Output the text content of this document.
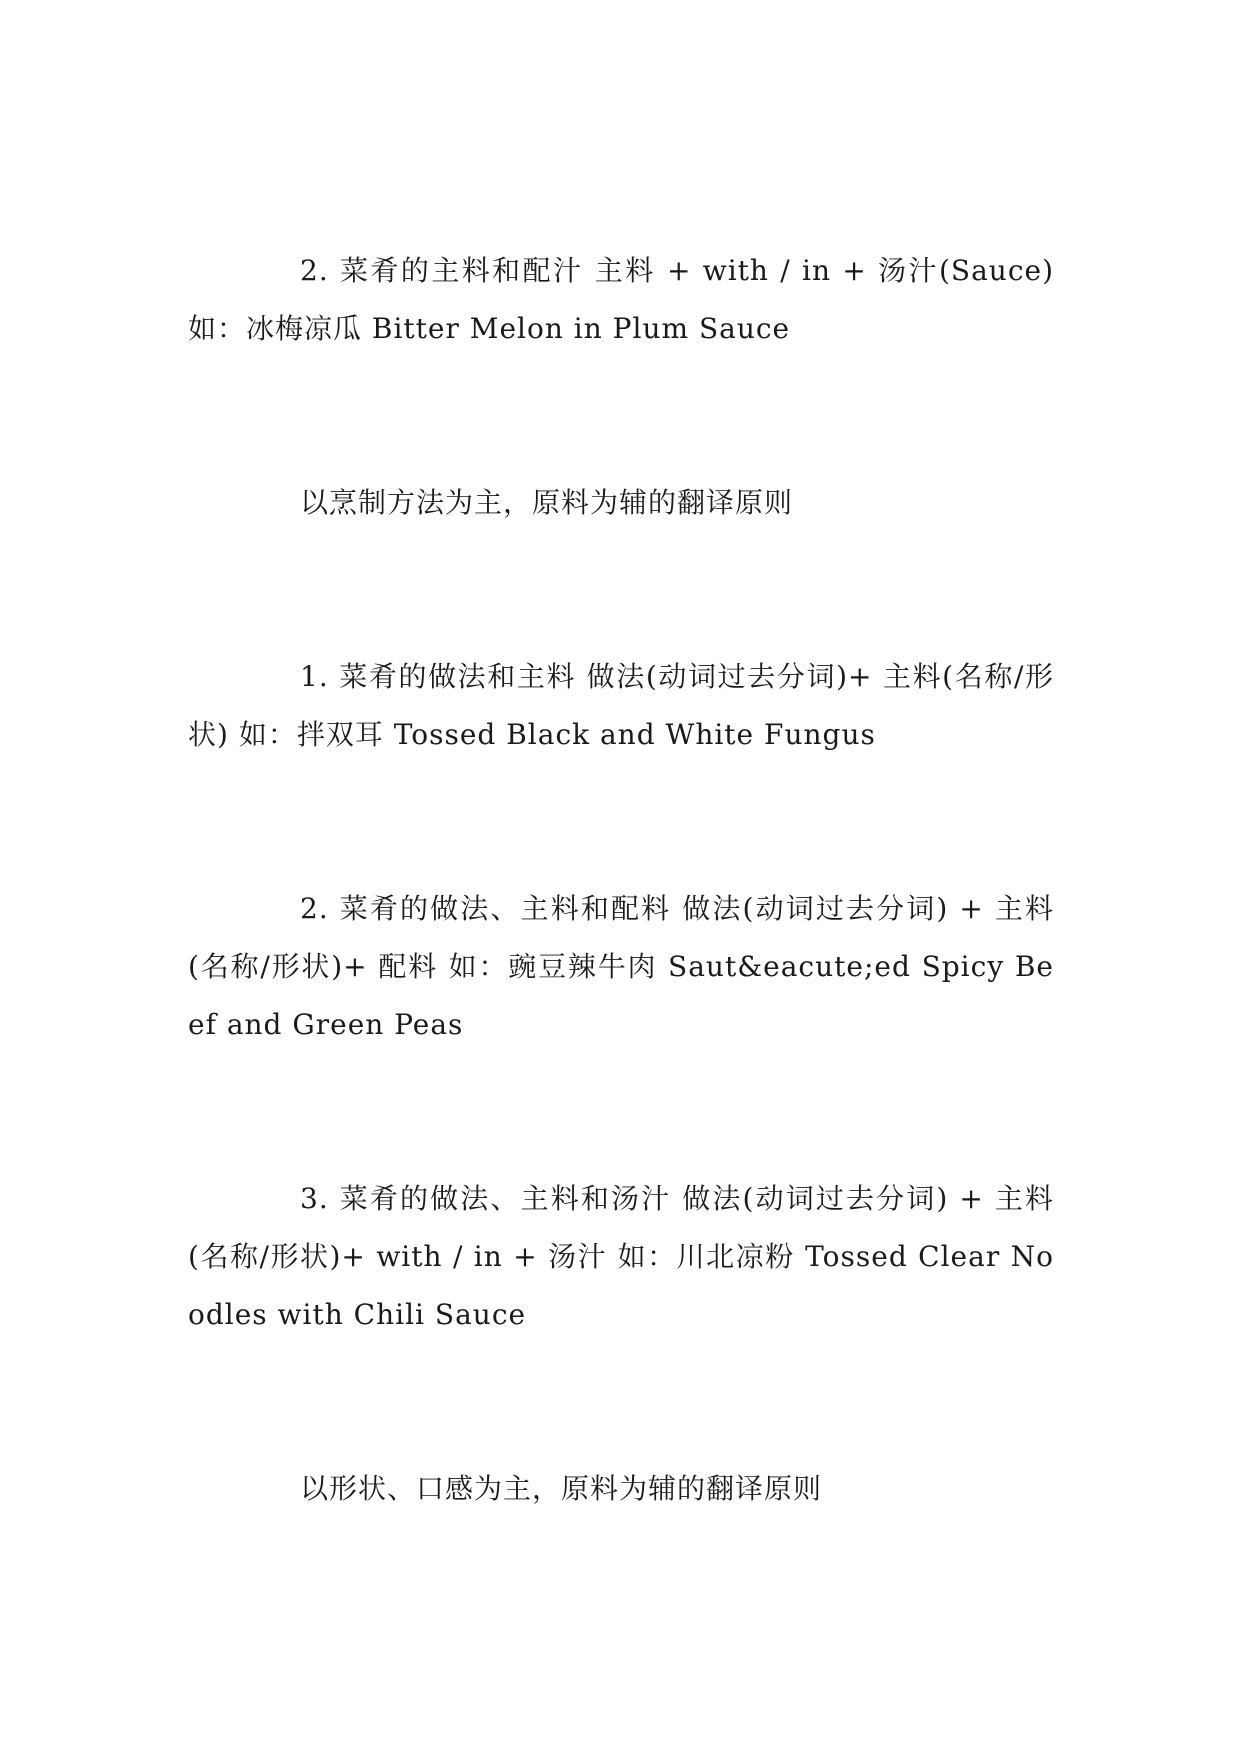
2. 菜肴的主料和配汁 主料 + with / in + 汤汁(Sauce) 如：冰梅凉瓜 Bitter Melon in Plum Sauce

以烹制方法为主，原料为辅的翻译原则

1. 菜肴的做法和主料 做法(动词过去分词)+ 主料(名称/形状) 如：拌双耳 Tossed Black and White Fungus

2. 菜肴的做法、主料和配料 做法(动词过去分词) + 主料(名称/形状)+ 配料 如：豌豆辣牛肉 Saut&eacute;ed Spicy Beef and Green Peas

3. 菜肴的做法、主料和汤汁 做法(动词过去分词) + 主料(名称/形状)+ with / in + 汤汁 如：川北凉粉 Tossed Clear Noodles with Chili Sauce

以形状、口感为主，原料为辅的翻译原则
